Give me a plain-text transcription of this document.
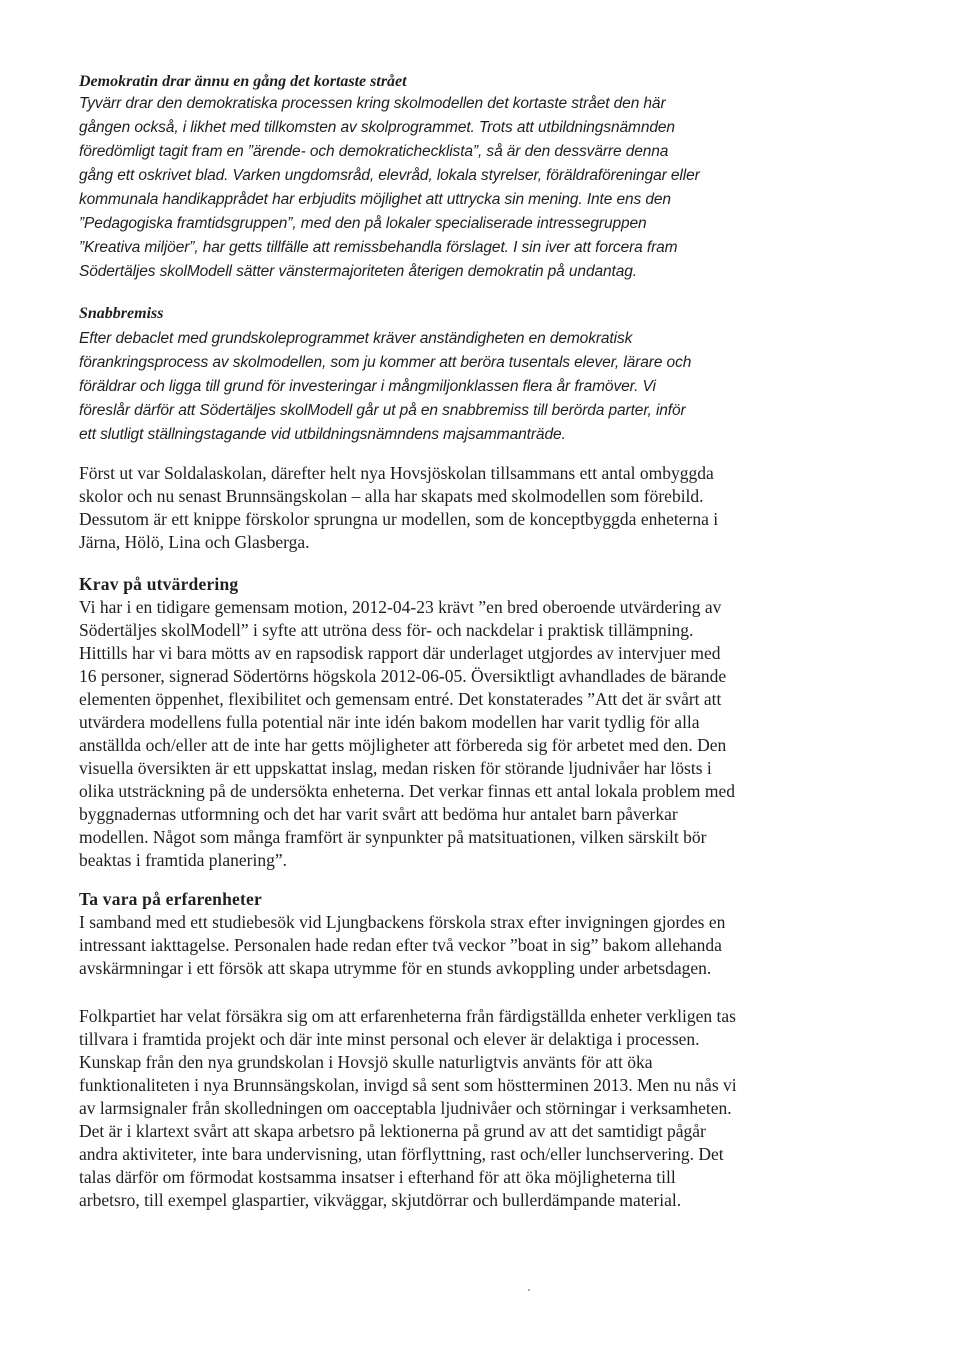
Demokratin drar ännu en gång det kortaste strået
Tyvärr drar den demokratiska processen kring skolmodellen det kortaste strået den här
gången också, i likhet med tillkomsten av skolprogrammet. Trots att utbildningsnämnden
föredömligt tagit fram en ”ärende- och demokratichecklista”, så är den dessvärre denna
gång ett oskrivet blad. Varken ungdomsråd, elevråd, lokala styrelser, föräldraföreningar eller
kommunala handikapprådet har erbjudits möjlighet att uttrycka sin mening. Inte ens den
”Pedagogiska framtidsgruppen”, med den på lokaler specialiserade intressegruppen
”Kreativa miljöer”, har getts tillfälle att remissbehandla förslaget. I sin iver att forcera fram
Södertäljes skolModell sätter vänstermajoriteten återigen demokratin på undantag.
Snabbremiss
Efter debaclet med grundskoleprogrammet kräver anständigheten en demokratisk
förankringsprocess av skolmodellen, som ju kommer att beröra tusentals elever, lärare och
föräldrar och ligga till grund för investeringar i mångmiljonklassen flera år framöver. Vi
föreslår därför att Södertäljes skolModell går ut på en snabbremiss till berörda parter, inför
ett slutligt ställningstagande vid utbildningsnämndens majsammanträde.
Först ut var Soldalaskolan, därefter helt nya Hovsjöskolan tillsammans ett antal ombyggda
skolor och nu senast Brunnsängskolan – alla har skapats med skolmodellen som förebild.
Dessutom är ett knippe förskolor sprungna ur modellen, som de konceptbyggda enheterna i
Järna, Hölö, Lina och Glasberga.
Krav på utvärdering
Vi har i en tidigare gemensam motion, 2012-04-23 krävt ”en bred oberoende utvärdering av
Södertäljes skolModell” i syfte att utröna dess för- och nackdelar i praktisk tillämpning.
Hittills har vi bara mötts av en rapsodisk rapport där underlaget utgjordes av intervjuer med
16 personer, signerad Södertörns högskola 2012-06-05. Översiktligt avhandlades de bärande
elementen öppenhet, flexibilitet och gemensam entré. Det konstaterades ”Att det är svårt att
utvärdera modellens fulla potential när inte idén bakom modellen har varit tydlig för alla
anställda och/eller att de inte har getts möjligheter att förbereda sig för arbetet med den. Den
visuella översikten är ett uppskattat inslag, medan risken för störande ljudnivåer har lösts i
olika utsträckning på de undersökta enheterna. Det verkar finnas ett antal lokala problem med
byggnadernas utformning och det har varit svårt att bedöma hur antalet barn påverkar
modellen. Något som många framfört är synpunkter på matsituationen, vilken särskilt bör
beaktas i framtida planering”.
Ta vara på erfarenheter
I samband med ett studiebesök vid Ljungbackens förskola strax efter invigningen gjordes en
intressant iakttagelse. Personalen hade redan efter två veckor ”boat in sig” bakom allehanda
avskärmningar i ett försök att skapa utrymme för en stunds avkoppling under arbetsdagen.
Folkpartiet har velat försäkra sig om att erfarenheterna från färdigställda enheter verkligen tas
tillvara i framtida projekt och där inte minst personal och elever är delaktiga i processen.
Kunskap från den nya grundskolan i Hovsjö skulle naturligtvis använts för att öka
funktionaliteten i nya Brunnsängskolan, invigd så sent som höstterminen 2013. Men nu nås vi
av larmsignaler från skolledningen om oacceptabla ljudnivåer och störningar i verksamheten.
Det är i klartext svårt att skapa arbetsro på lektionerna på grund av att det samtidigt pågår
andra aktiviteter, inte bara undervisning, utan förflyttning, rast och/eller lunchservering. Det
talas därför om förmodat kostsamma insatser i efterhand för att öka möjligheterna till
arbetsro, till exempel glaspartier, vikväggar, skjutdörrar och bullerdämpande material.
